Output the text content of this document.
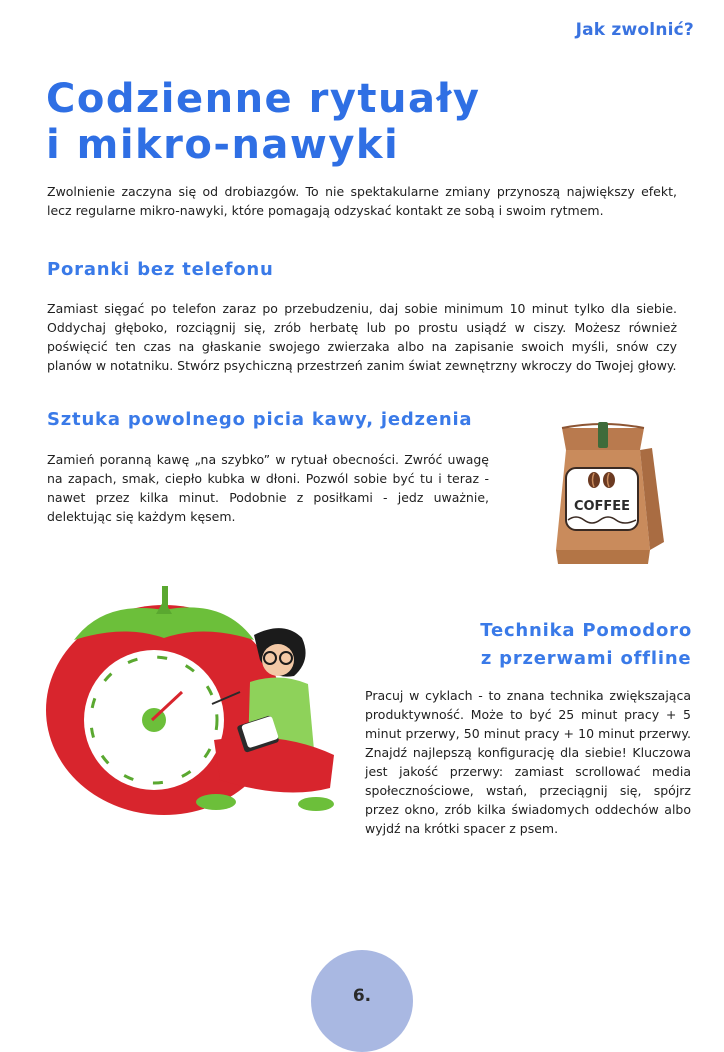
Jak zwolnić?
Codzienne rytuały
i mikro-nawyki

Zwolnienie zaczyna się od drobiazgów. To nie spektakularne zmiany przynoszą największy efekt, lecz regularne mikro-nawyki, które pomagają odzyskać kontakt ze sobą i swoim rytmem.

Poranki bez telefonu

Zamiast sięgać po telefon zaraz po przebudzeniu, daj sobie minimum 10 minut tylko dla siebie. Oddychaj głęboko, rozciągnij się, zrób herbatę lub po prostu usiądź w ciszy. Możesz również poświęcić ten czas na głaskanie swojego zwierzaka albo na zapisanie swoich myśli, snów czy planów w notatniku. Stwórz psychiczną przestrzeń zanim świat zewnętrzny wkroczy do Twojej głowy.

Sztuka powolnego picia kawy, jedzenia

Zamień poranną kawę „na szybko” w rytuał obecności. Zwróć uwagę na zapach, smak, ciepło kubka w dłoni. Pozwól sobie być tu i teraz - nawet przez kilka minut. Podobnie z posiłkami - jedz uważnie, delektując się każdym kęsem.

COFFEE
Technika Pomodoro
z przerwami offline

Pracuj w cyklach - to znana technika zwiększająca produktywność. Może to być 25 minut pracy + 5 minut przerwy, 50 minut pracy + 10 minut przerwy. Znajdź najlepszą konfigurację dla siebie! Kluczowa jest jakość przerwy: zamiast scrollować media społecznościowe, wstań, przeciągnij się, spójrz przez okno, zrób kilka świadomych oddechów albo wyjdź na krótki spacer z psem.

6.
